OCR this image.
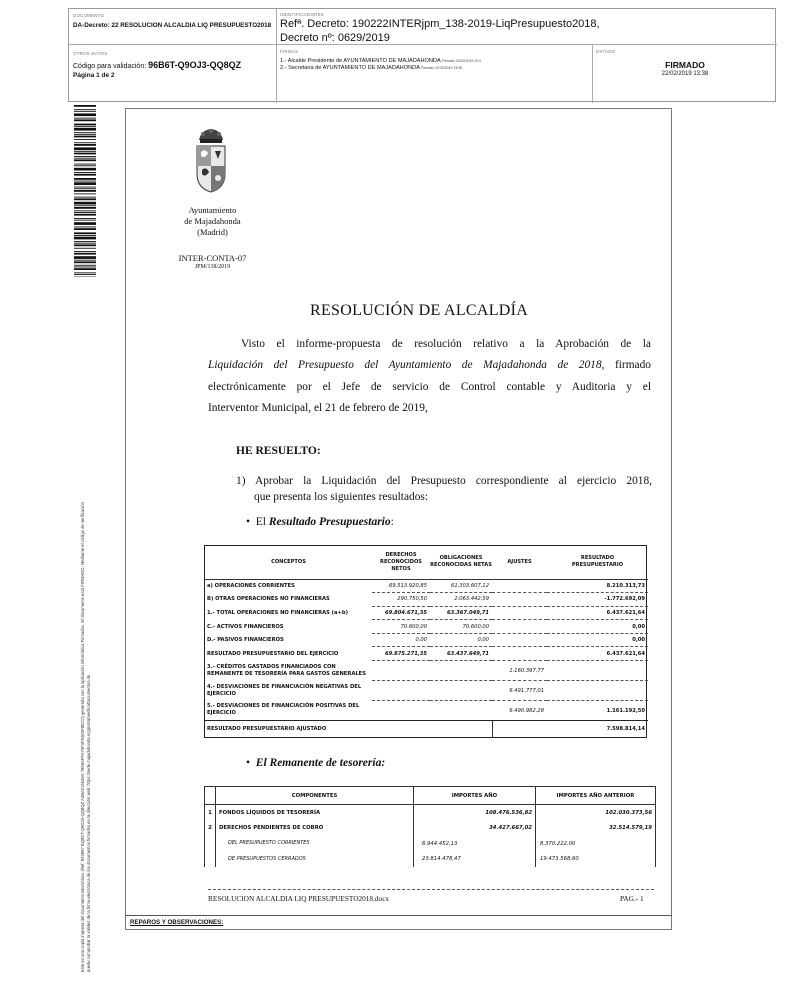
DOCUMENTO
DA-Decreto: 22 RESOLUCION ALCALDIA LIQ PRESUPUESTO2018
IDENTIFICADORES
Refª. Decreto: 190222INTERjpm_138-2019-LiqPresupuesto2018,
Decreto nº: 0629/2019
OTROS DATOS
Código para validación: 96B6T-Q9OJ3-QQ8QZ
Página 1 de 2
FIRMAS
1.- Alcalde Presidente de AYUNTAMIENTO DE MAJADAHONDA Firmado 22/02/2019 10:0
2.- Secretaria de AYUNTAMIENTO DE MAJADAHONDA Firmado 22/02/2019 13:38
ESTADO
FIRMADO
22/02/2019 13:38
Este es una copia impresa del documento electrónico (Ref: 922897 BQ8ST-Q9OJ3-QQ8QZ A2BA21563A5 7858AFFA75F4F54E3F8EC2) generada con la aplicación informática Firmadoc. El documento está FIRMADO. Mediante el código de verificación puede comprobar la validez de la firma electrónica de los documentos firmados en la dirección web: https://sede.majadahonda.org/portal/verificaDocumentos.do
Ayuntamiento
de Majadahonda
(Madrid)
INTER-CONTA-07
JPM/138/2019
RESOLUCIÓN DE ALCALDÍA
Visto el informe-propuesta de resolución relativo a la Aprobación de la
Liquidación del Presupuesto del Ayuntamiento de Majadahonda de 2018, firmado
electrónicamente por el Jefe de servicio de Control contable y Auditoria y el
Interventor Municipal, el 21 de febrero de 2019,
HE RESUELTO:
1) Aprobar la Liquidación del Presupuesto correspondiente al ejercicio 2018,
que presenta los siguientes resultados:
• El Resultado Presupuestario:
CONCEPTOS	DERECHOS RECONOCIDOS NETOS	OBLIGACIONES RECONOCIDAS NETAS	AJUSTES	RESULTADO PRESUPUESTARIO
a) OPERACIONES CORRIENTES	69.513.920,85	61.303.607,12		8.210.313,73
B) OTRAS OPERACIONES NO FINANCIERAS	290.750,50	2.063.442,59		-1.772.692,09
1.- TOTAL OPERACIONES NO FINANCIERAS (a+b)	69.804.671,35	63.367.049,71		6.437.621,64
C.- ACTIVOS FINANCIEROS	70.600,00	70.600,00		0,00
D.- PASIVOS FINANCIEROS	0,00	0,00		0,00
RESULTADO PRESUPUESTARIO DEL EJERCICIO	69.875.271,35	63.437.649,71		6.437.621,64
3.- CRÉDITOS GASTADOS FINANCIADOS CON REMANENTE DE TESORERÍA PARA GASTOS GENERALES			1.160.397,77	
4.- DESVIACIONES DE FINANCIACIÓN NEGATIVAS DEL EJERCICIO			6.491.777,01	
5.- DESVIACIONES DE FINANCIACIÓN POSITIVAS DEL EJERCICIO			6.490.982,28	1.161.192,50
RESULTADO PRESUPUESTARIO AJUSTADO				7.598.814,14
• El Remanente de tesorería:
	COMPONENTES	IMPORTES AÑO	IMPORTES AÑO ANTERIOR
1	FONDOS LÍQUIDOS DE TESORERÍA	108.476.536,82	102.030.373,56
2	DERECHOS PENDIENTES DE COBRO	34.427.667,02	32.514.579,19
	DEL PRESUPUESTO CORRIENTES	6.944.452,13	8.370.222,00

	DE PRESUPUESTOS CERRADOS	23.814.478,47	19.473.568,60
RESOLUCION ALCALDIA LIQ PRESUPUESTO2018.docx	PAG.- 1
REPAROS Y OBSERVACIONES:
